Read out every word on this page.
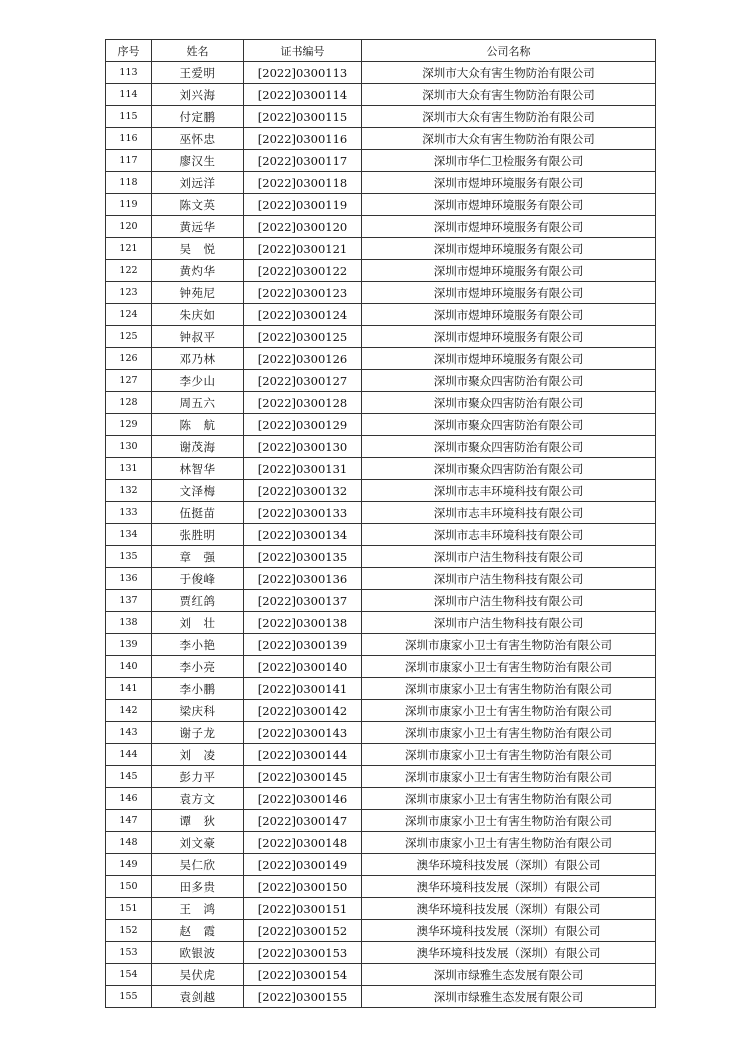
序号	姓名	证书编号	公司名称
113	王爱明	[2022]0300113	深圳市大众有害生物防治有限公司
114	刘兴海	[2022]0300114	深圳市大众有害生物防治有限公司
115	付定鹏	[2022]0300115	深圳市大众有害生物防治有限公司
116	巫怀忠	[2022]0300116	深圳市大众有害生物防治有限公司
117	廖汉生	[2022]0300117	深圳市华仁卫检服务有限公司
118	刘远洋	[2022]0300118	深圳市煜坤环境服务有限公司
119	陈文英	[2022]0300119	深圳市煜坤环境服务有限公司
120	黄远华	[2022]0300120	深圳市煜坤环境服务有限公司
121	吴　悦	[2022]0300121	深圳市煜坤环境服务有限公司
122	黄灼华	[2022]0300122	深圳市煜坤环境服务有限公司
123	钟苑尼	[2022]0300123	深圳市煜坤环境服务有限公司
124	朱庆如	[2022]0300124	深圳市煜坤环境服务有限公司
125	钟叔平	[2022]0300125	深圳市煜坤环境服务有限公司
126	邓乃林	[2022]0300126	深圳市煜坤环境服务有限公司
127	李少山	[2022]0300127	深圳市聚众四害防治有限公司
128	周五六	[2022]0300128	深圳市聚众四害防治有限公司
129	陈　航	[2022]0300129	深圳市聚众四害防治有限公司
130	谢茂海	[2022]0300130	深圳市聚众四害防治有限公司
131	林智华	[2022]0300131	深圳市聚众四害防治有限公司
132	文泽梅	[2022]0300132	深圳市志丰环境科技有限公司
133	伍挺苗	[2022]0300133	深圳市志丰环境科技有限公司
134	张胜明	[2022]0300134	深圳市志丰环境科技有限公司
135	章　强	[2022]0300135	深圳市户洁生物科技有限公司
136	于俊峰	[2022]0300136	深圳市户洁生物科技有限公司
137	贾红鸽	[2022]0300137	深圳市户洁生物科技有限公司
138	刘　壮	[2022]0300138	深圳市户洁生物科技有限公司
139	李小艳	[2022]0300139	深圳市康家小卫士有害生物防治有限公司
140	李小亮	[2022]0300140	深圳市康家小卫士有害生物防治有限公司
141	李小鹏	[2022]0300141	深圳市康家小卫士有害生物防治有限公司
142	梁庆科	[2022]0300142	深圳市康家小卫士有害生物防治有限公司
143	谢子龙	[2022]0300143	深圳市康家小卫士有害生物防治有限公司
144	刘　凌	[2022]0300144	深圳市康家小卫士有害生物防治有限公司
145	彭力平	[2022]0300145	深圳市康家小卫士有害生物防治有限公司
146	袁方文	[2022]0300146	深圳市康家小卫士有害生物防治有限公司
147	谭　狄	[2022]0300147	深圳市康家小卫士有害生物防治有限公司
148	刘文豪	[2022]0300148	深圳市康家小卫士有害生物防治有限公司
149	吴仁欣	[2022]0300149	澳华环境科技发展（深圳）有限公司
150	田多贵	[2022]0300150	澳华环境科技发展（深圳）有限公司
151	王　鸿	[2022]0300151	澳华环境科技发展（深圳）有限公司
152	赵　霞	[2022]0300152	澳华环境科技发展（深圳）有限公司
153	欧银波	[2022]0300153	澳华环境科技发展（深圳）有限公司
154	吴伏虎	[2022]0300154	深圳市绿雅生态发展有限公司
155	袁剑越	[2022]0300155	深圳市绿雅生态发展有限公司
